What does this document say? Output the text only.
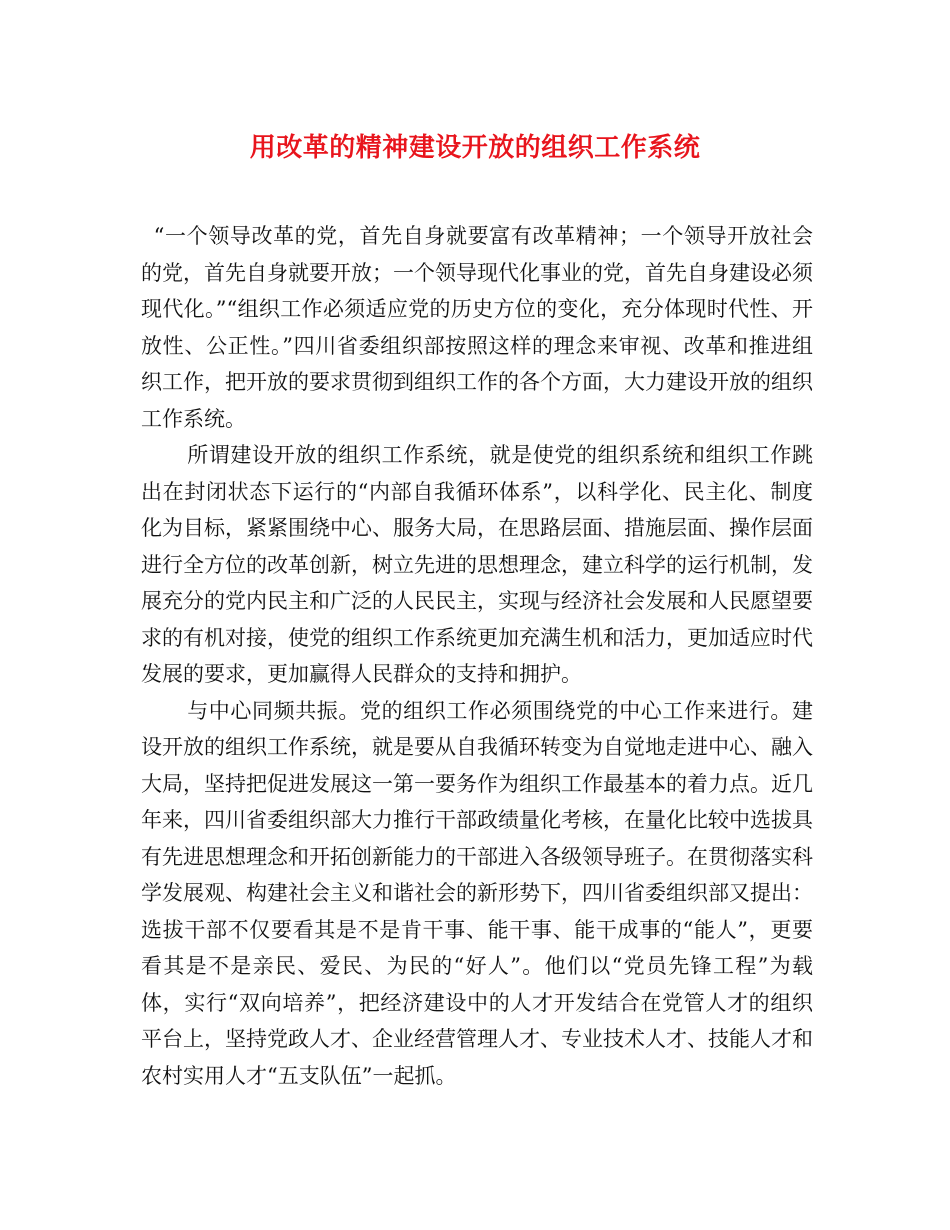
用改革的精神建设开放的组织工作系统

“一个领导改革的党，首先自身就要富有改革精神；一个领导开放社会的党，首先自身就要开放；一个领导现代化事业的党，首先自身建设必须现代化。”“组织工作必须适应党的历史方位的变化，充分体现时代性、开放性、公正性。”四川省委组织部按照这样的理念来审视、改革和推进组织工作，把开放的要求贯彻到组织工作的各个方面，大力建设开放的组织工作系统。

所谓建设开放的组织工作系统，就是使党的组织系统和组织工作跳出在封闭状态下运行的“内部自我循环体系”，以科学化、民主化、制度化为目标，紧紧围绕中心、服务大局，在思路层面、措施层面、操作层面进行全方位的改革创新，树立先进的思想理念，建立科学的运行机制，发展充分的党内民主和广泛的人民民主，实现与经济社会发展和人民愿望要求的有机对接，使党的组织工作系统更加充满生机和活力，更加适应时代发展的要求，更加赢得人民群众的支持和拥护。

与中心同频共振。党的组织工作必须围绕党的中心工作来进行。建设开放的组织工作系统，就是要从自我循环转变为自觉地走进中心、融入大局，坚持把促进发展这一第一要务作为组织工作最基本的着力点。近几年来，四川省委组织部大力推行干部政绩量化考核，在量化比较中选拔具有先进思想理念和开拓创新能力的干部进入各级领导班子。在贯彻落实科学发展观、构建社会主义和谐社会的新形势下，四川省委组织部又提出：选拔干部不仅要看其是不是肯干事、能干事、能干成事的“能人”，更要看其是不是亲民、爱民、为民的“好人”。他们以“党员先锋工程”为载体，实行“双向培养”，把经济建设中的人才开发结合在党管人才的组织平台上，坚持党政人才、企业经营管理人才、专业技术人才、技能人才和农村实用人才“五支队伍”一起抓。
